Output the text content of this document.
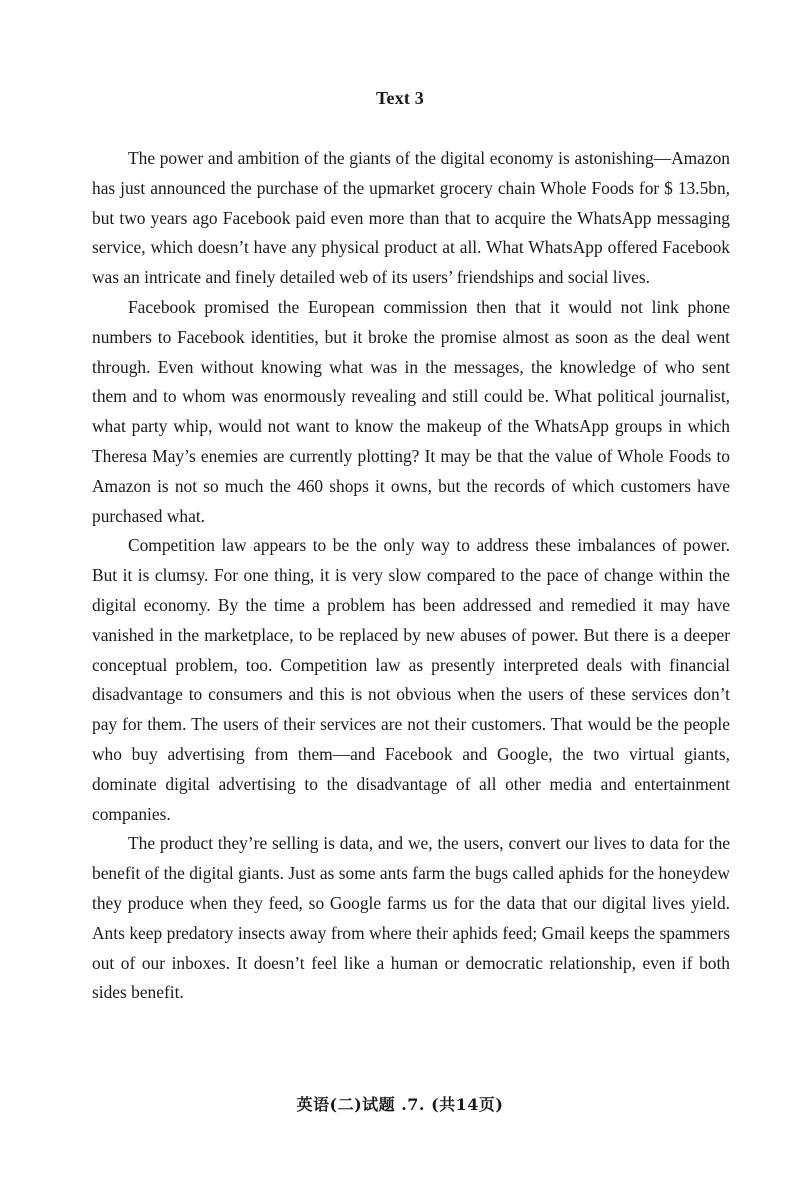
Text 3

The power and ambition of the giants of the digital economy is astonishing—Amazon has just announced the purchase of the upmarket grocery chain Whole Foods for $ 13.5bn, but two years ago Facebook paid even more than that to acquire the WhatsApp messaging service, which doesn’t have any physical product at all. What WhatsApp offered Facebook was an intricate and finely detailed web of its users’ friendships and social lives.

Facebook promised the European commission then that it would not link phone numbers to Facebook identities, but it broke the promise almost as soon as the deal went through. Even without knowing what was in the messages, the knowledge of who sent them and to whom was enormously revealing and still could be. What political journalist, what party whip, would not want to know the makeup of the WhatsApp groups in which Theresa May’s enemies are currently plotting? It may be that the value of Whole Foods to Amazon is not so much the 460 shops it owns, but the records of which customers have purchased what.

Competition law appears to be the only way to address these imbalances of power. But it is clumsy. For one thing, it is very slow compared to the pace of change within the digital economy. By the time a problem has been addressed and remedied it may have vanished in the marketplace, to be replaced by new abuses of power. But there is a deeper conceptual problem, too. Competition law as presently interpreted deals with financial disadvantage to consumers and this is not obvious when the users of these services don’t pay for them. The users of their services are not their customers. That would be the people who buy advertising from them—and Facebook and Google, the two virtual giants, dominate digital advertising to the disadvantage of all other media and entertainment companies.

The product they’re selling is data, and we, the users, convert our lives to data for the benefit of the digital giants. Just as some ants farm the bugs called aphids for the honeydew they produce when they feed, so Google farms us for the data that our digital lives yield. Ants keep predatory insects away from where their aphids feed; Gmail keeps the spammers out of our inboxes. It doesn’t feel like a human or democratic relationship, even if both sides benefit.

英语(二)试题 .7. (共14页)
